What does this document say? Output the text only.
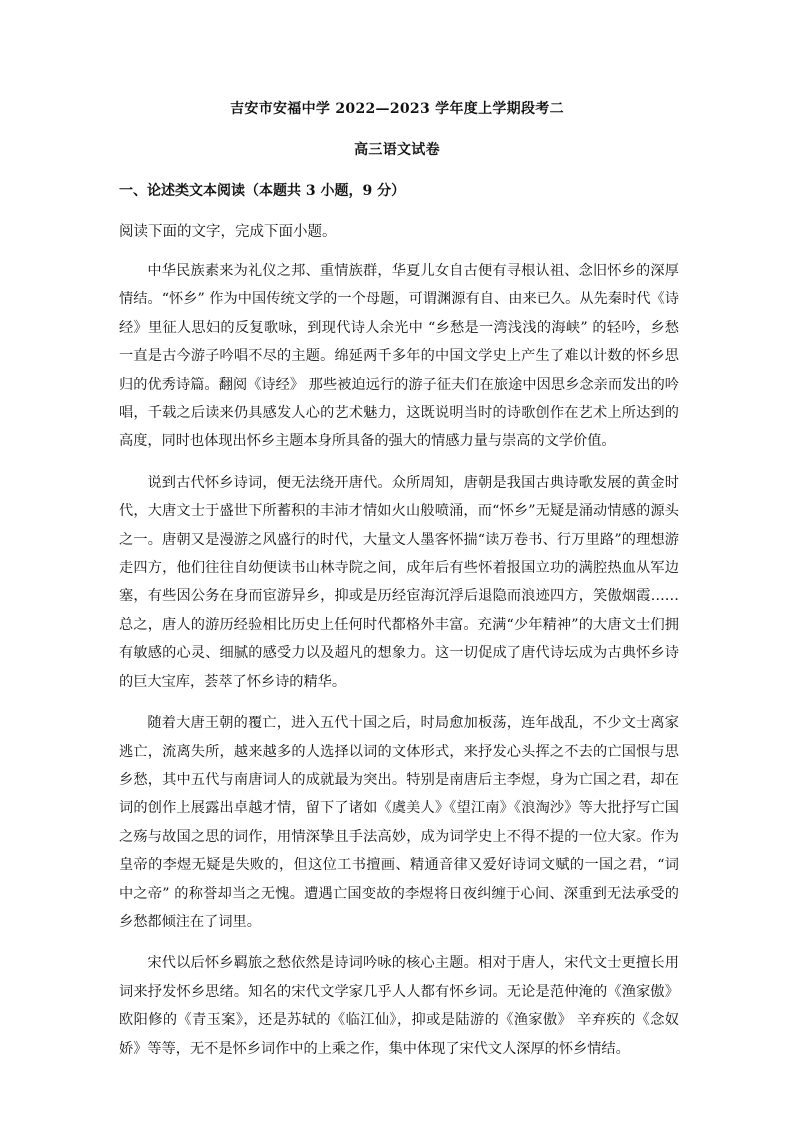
吉安市安福中学 2022—2023 学年度上学期段考二
高三语文试卷
一、论述类文本阅读（本题共 3 小题，9 分）
阅读下面的文字，完成下面小题。

中华民族素来为礼仪之邦、重情族群，华夏儿女自古便有寻根认祖、念旧怀乡的深厚情结。“怀乡” 作为中国传统文学的一个母题，可谓渊源有自、由来已久。从先秦时代《诗经》里征人思妇的反复歌咏，到现代诗人余光中 “乡愁是一湾浅浅的海峡” 的轻吟，乡愁一直是古今游子吟唱不尽的主题。绵延两千多年的中国文学史上产生了难以计数的怀乡思归的优秀诗篇。翻阅《诗经》 那些被迫远行的游子征夫们在旅途中因思乡念亲而发出的吟唱，千载之后读来仍具感发人心的艺术魅力，这既说明当时的诗歌创作在艺术上所达到的高度，同时也体现出怀乡主题本身所具备的强大的情感力量与崇高的文学价值。

说到古代怀乡诗词，便无法绕开唐代。众所周知，唐朝是我国古典诗歌发展的黄金时代，大唐文士于盛世下所蓄积的丰沛才情如火山般喷涌，而“怀乡”无疑是涌动情感的源头之一。唐朝又是漫游之风盛行的时代，大量文人墨客怀揣“读万卷书、行万里路”的理想游走四方，他们往往自幼便读书山林寺院之间，成年后有些怀着报国立功的满腔热血从军边塞，有些因公务在身而宦游异乡，抑或是历经宦海沉浮后退隐而浪迹四方，笑傲烟霞……总之，唐人的游历经验相比历史上任何时代都格外丰富。充满“少年精神”的大唐文士们拥有敏感的心灵、细腻的感受力以及超凡的想象力。这一切促成了唐代诗坛成为古典怀乡诗的巨大宝库，荟萃了怀乡诗的精华。

随着大唐王朝的覆亡，进入五代十国之后，时局愈加板荡，连年战乱，不少文士离家逃亡，流离失所，越来越多的人选择以词的文体形式，来抒发心头挥之不去的亡国恨与思乡愁，其中五代与南唐词人的成就最为突出。特别是南唐后主李煜，身为亡国之君，却在词的创作上展露出卓越才情，留下了诸如《虞美人》《望江南》《浪淘沙》等大批抒写亡国之殇与故国之思的词作，用情深挚且手法高妙，成为词学史上不得不提的一位大家。作为皇帝的李煜无疑是失败的，但这位工书擅画、精通音律又爱好诗词文赋的一国之君，“词中之帝” 的称誉却当之无愧。遭遇亡国变故的李煜将日夜纠缠于心间、深重到无法承受的乡愁都倾注在了词里。

宋代以后怀乡羁旅之愁依然是诗词吟咏的核心主题。相对于唐人，宋代文士更擅长用词来抒发怀乡思绪。知名的宋代文学家几乎人人都有怀乡词。无论是范仲淹的《渔家傲》 欧阳修的《青玉案》，还是苏轼的《临江仙》，抑或是陆游的《渔家傲》 辛弃疾的《念奴娇》等等，无不是怀乡词作中的上乘之作，集中体现了宋代文人深厚的怀乡情结。
